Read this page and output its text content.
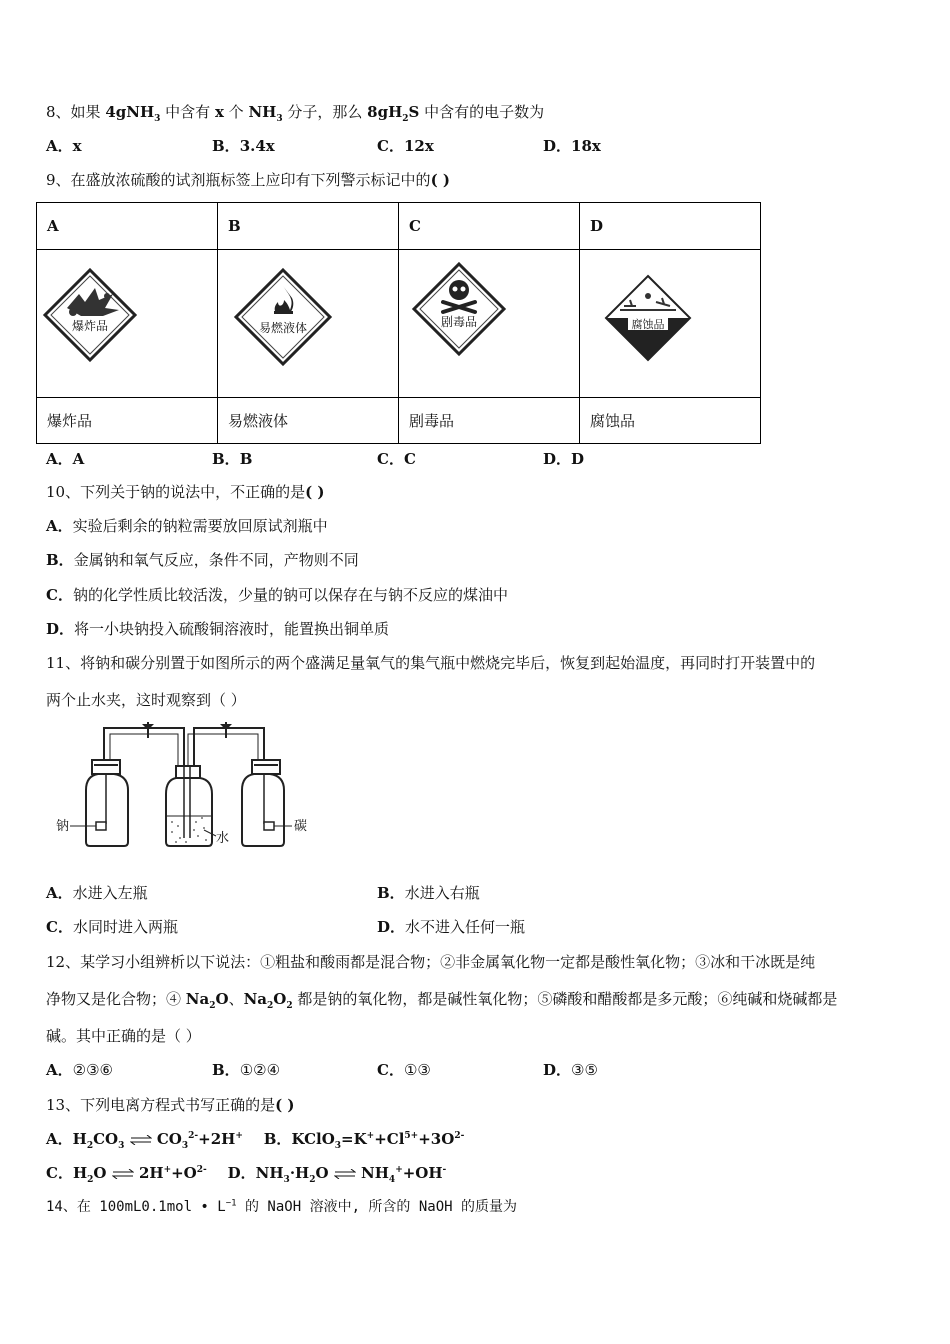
8、如果 4gNH$_3$ 中含有 x 个 $NH_3$ 分子，那么 $8gH_2S$ 中含有的电子数为
A．x	B．3.4x	C．12x	D．18x
9、在盛放浓硫酸的试剂瓶标签上应印有下列警示标记中的( )
A	B	C	D

爆炸品	易燃液体	剧毒品	腐蚀品

爆炸品	易燃液体	剧毒品	腐蚀品
A．A	B．B	C．C	D．D
10、下列关于钠的说法中，不正确的是( )
A．实验后剩余的钠粒需要放回原试剂瓶中
B．金属钠和氧气反应，条件不同，产物则不同
C．钠的化学性质比较活泼，少量的钠可以保存在与钠不反应的煤油中
D．将一小块钠投入硫酸铜溶液时，能置换出铜单质
11、将钠和碳分别置于如图所示的两个盛满足量氧气的集气瓶中燃烧完毕后，恢复到起始温度，再同时打开装置中的
两个止水夹，这时观察到（ ）
钠
水
碳
A．水进入左瓶	B．水进入右瓶
C．水同时进入两瓶	D．水不进入任何一瓶
12、某学习小组辨析以下说法：①粗盐和酸雨都是混合物；②非金属氧化物一定都是酸性氧化物；③冰和干冰既是纯
净物又是化合物；④ $Na_2O$、$Na_2O_2$ 都是钠的氧化物，都是碱性氧化物；⑤磷酸和醋酸都是多元酸；⑥纯碱和烧碱都是
碱。其中正确的是（ ）
A．②③⑥	B．①②④	C．①③	D．③⑤
13、下列电离方程式书写正确的是( )
A．$H_2CO_3$ ⇌ $CO_3^{2-}+2H^+$ B．$KClO_3=K^++Cl^{5+}+3O^{2-}$
C．$H_2O$ ⇌ $2H^++O^{2-}$ D．$NH_3\cdot H_2O$ ⇌ $NH_4^++OH^-$
14、在 100mL0.1mol • $L^{-1}$ 的 NaOH 溶液中, 所含的 NaOH 的质量为
